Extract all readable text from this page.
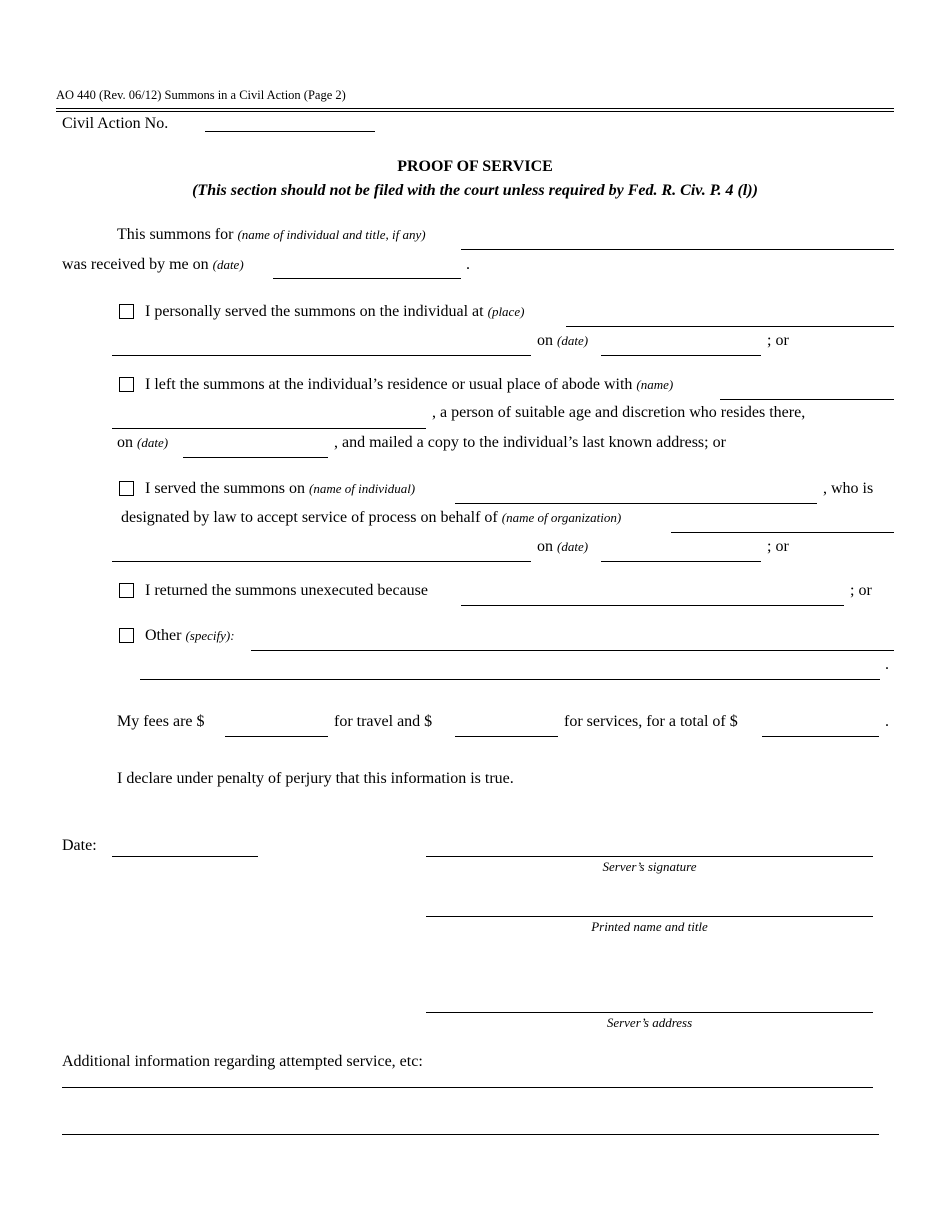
AO 440 (Rev. 06/12) Summons in a Civil Action (Page 2)
Civil Action No.
PROOF OF SERVICE
(This section should not be filed with the court unless required by Fed. R. Civ. P. 4 (l))
This summons for (name of individual and title, if any)
was received by me on (date)	.
I personally served the summons on the individual at (place)
on (date)	; or
I left the summons at the individual’s residence or usual place of abode with (name)
, a person of suitable age and discretion who resides there,
on (date)	, and mailed a copy to the individual’s last known address; or
I served the summons on (name of individual)	, who is
designated by law to accept service of process on behalf of (name of organization)
on (date)	; or
I returned the summons unexecuted because	; or
Other (specify):
.
My fees are $	for travel and $	for services, for a total of $	.
I declare under penalty of perjury that this information is true.
Date:
Server’s signature
Printed name and title
Server’s address
Additional information regarding attempted service, etc:
